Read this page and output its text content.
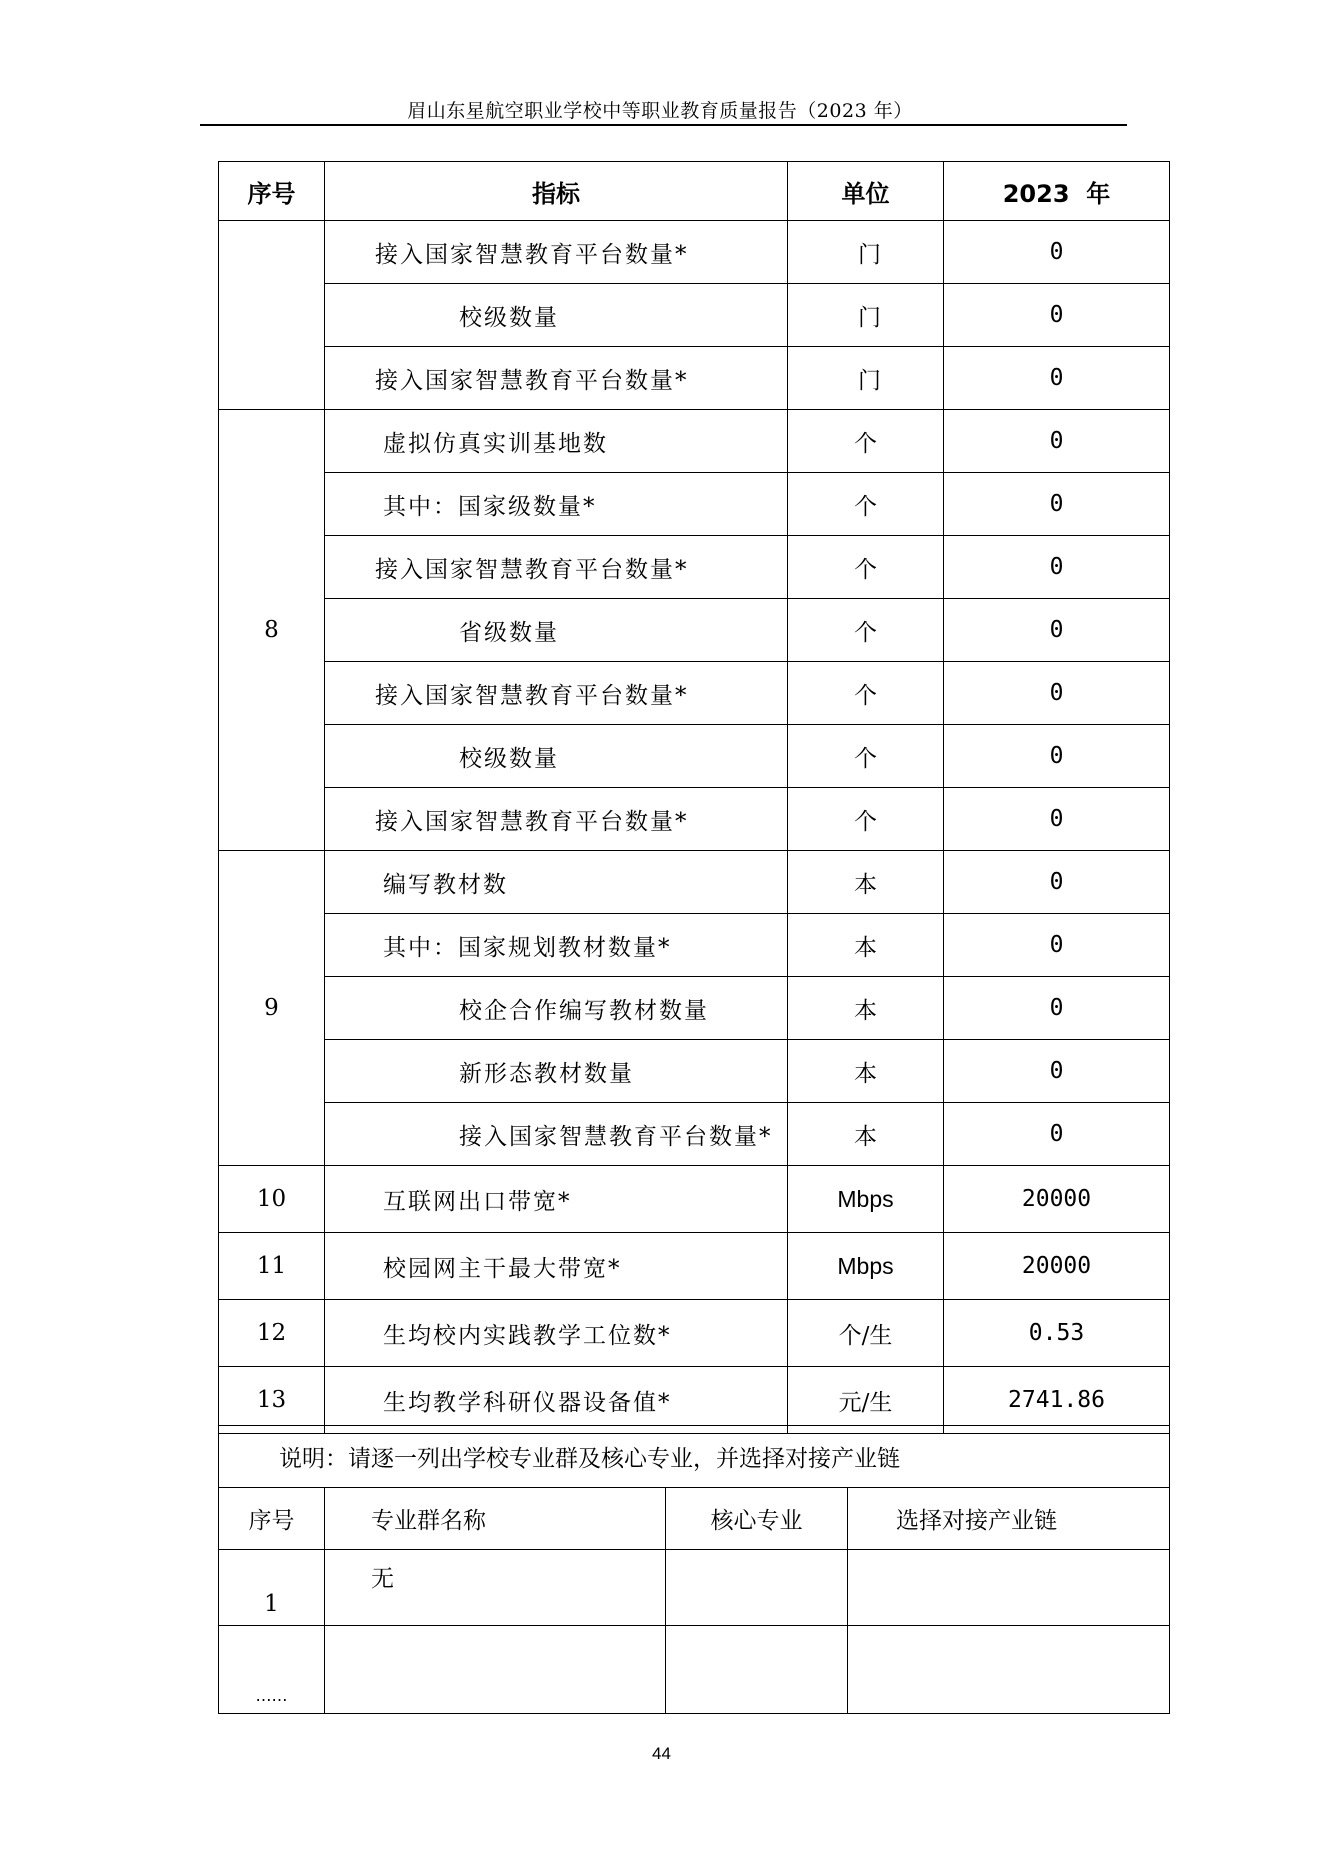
眉山东星航空职业学校中等职业教育质量报告（2023 年）
序号	指标	单位	2023  年
	接入国家智慧教育平台数量*	门	0
	校级数量	门	0
	接入国家智慧教育平台数量*	门	0
8	虚拟仿真实训基地数	个	0
	其中：国家级数量*	个	0
	接入国家智慧教育平台数量*	个	0
	省级数量	个	0
	接入国家智慧教育平台数量*	个	0
	校级数量	个	0
	接入国家智慧教育平台数量*	个	0
9	编写教材数	本	0
	其中：国家规划教材数量*	本	0
	校企合作编写教材数量	本	0
	新形态教材数量	本	0
	接入国家智慧教育平台数量*	本	0
10	互联网出口带宽*	Mbps	20000
11	校园网主干最大带宽*	Mbps	20000
12	生均校内实践教学工位数*	个/生	0.53
13	生均教学科研仪器设备值*	元/生	2741.86
说明：请逐一列出学校专业群及核心专业，并选择对接产业链			
序号	专业群名称	核心专业	选择对接产业链
1	无		
……			
44
